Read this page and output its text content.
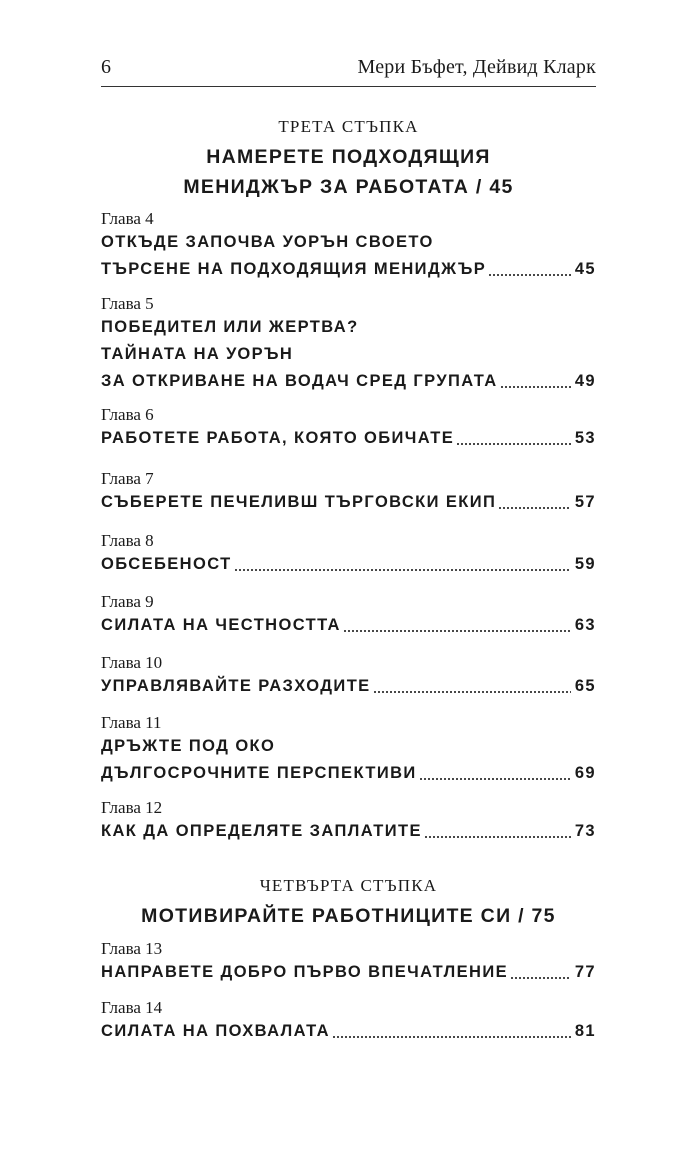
6	Мери Бъфет, Дейвид Кларк
ТРЕТА СТЪПКА
НАМЕРЕТЕ ПОДХОДЯЩИЯ
МЕНИДЖЪР ЗА РАБОТАТА / 45
Глава 4
ОТКЪДЕ ЗАПОЧВА УОРЪН СВОЕТО
ТЪРСЕНЕ НА ПОДХОДЯЩИЯ МЕНИДЖЪР	45
Глава 5
ПОБЕДИТЕЛ ИЛИ ЖЕРТВА?
ТАЙНАТА НА УОРЪН
ЗА ОТКРИВАНЕ НА ВОДАЧ СРЕД ГРУПАТА	49
Глава 6
РАБОТЕТЕ РАБОТА, КОЯТО ОБИЧАТЕ	53
Глава 7
СЪБЕРЕТЕ ПЕЧЕЛИВШ ТЪРГОВСКИ ЕКИП	57
Глава 8
ОБСЕБЕНОСТ	59
Глава 9
СИЛАТА НА ЧЕСТНОСТТА	63
Глава 10
УПРАВЛЯВАЙТЕ РАЗХОДИТЕ	65
Глава 11
ДРЪЖТЕ ПОД ОКО
ДЪЛГОСРОЧНИТЕ ПЕРСПЕКТИВИ	69
Глава 12
КАК ДА ОПРЕДЕЛЯТЕ ЗАПЛАТИТЕ	73
ЧЕТВЪРТА СТЪПКА
МОТИВИРАЙТЕ РАБОТНИЦИТЕ СИ / 75
Глава 13
НАПРАВЕТЕ ДОБРО ПЪРВО ВПЕЧАТЛЕНИЕ	77
Глава 14
СИЛАТА НА ПОХВАЛАТА	81
